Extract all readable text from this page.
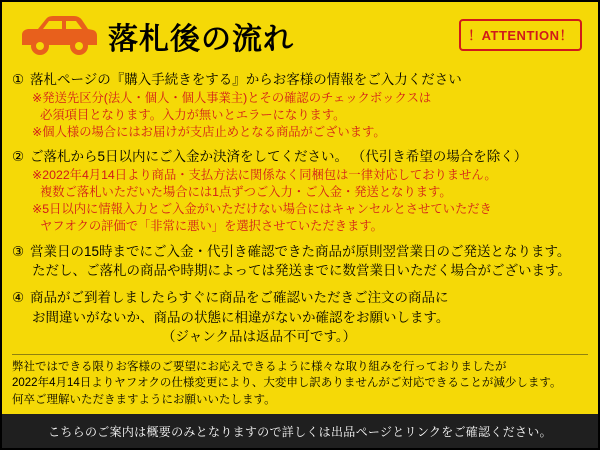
落札後の流れ	！ATTENTION！
① 落札ページの『購入手続きをする』からお客様の情報をご入力ください
※発送先区分(法人・個人・個人事業主)とその確認のチェックボックスは
必須項目となります。入力が無いとエラーになります。
※個人様の場合にはお届けが支店止めとなる商品がございます。
② ご落札から5日以内にご入金か決済をしてください。 （代引き希望の場合を除く）
※2022年4月14日より商品・支払方法に関係なく同梱包は一律対応しておりません。
複数ご落札いただいた場合には1点ずつご入力・ご入金・発送となります。
※5日以内に情報入力とご入金がいただけない場合にはキャンセルとさせていただき
ヤフオクの評価で「非常に悪い」を選択させていただきます。
③ 営業日の15時までにご入金・代引き確認できた商品が原則翌営業日のご発送となります。
ただし、ご落札の商品や時期によっては発送までに数営業日いただく場合がございます。
④ 商品がご到着しましたらすぐに商品をご確認いただきご注文の商品に
お間違いがないか、商品の状態に相違がないか確認をお願いします。
（ジャンク品は返品不可です。）
弊社ではできる限りお客様のご要望にお応えできるように様々な取り組みを行っておりましたが
2022年4月14日よりヤフオクの仕様変更により、大変申し訳ありませんがご対応できることが減少します。
何卒ご理解いただきますようにお願いいたします。
こちらのご案内は概要のみとなりますので詳しくは出品ページとリンクをご確認ください。
